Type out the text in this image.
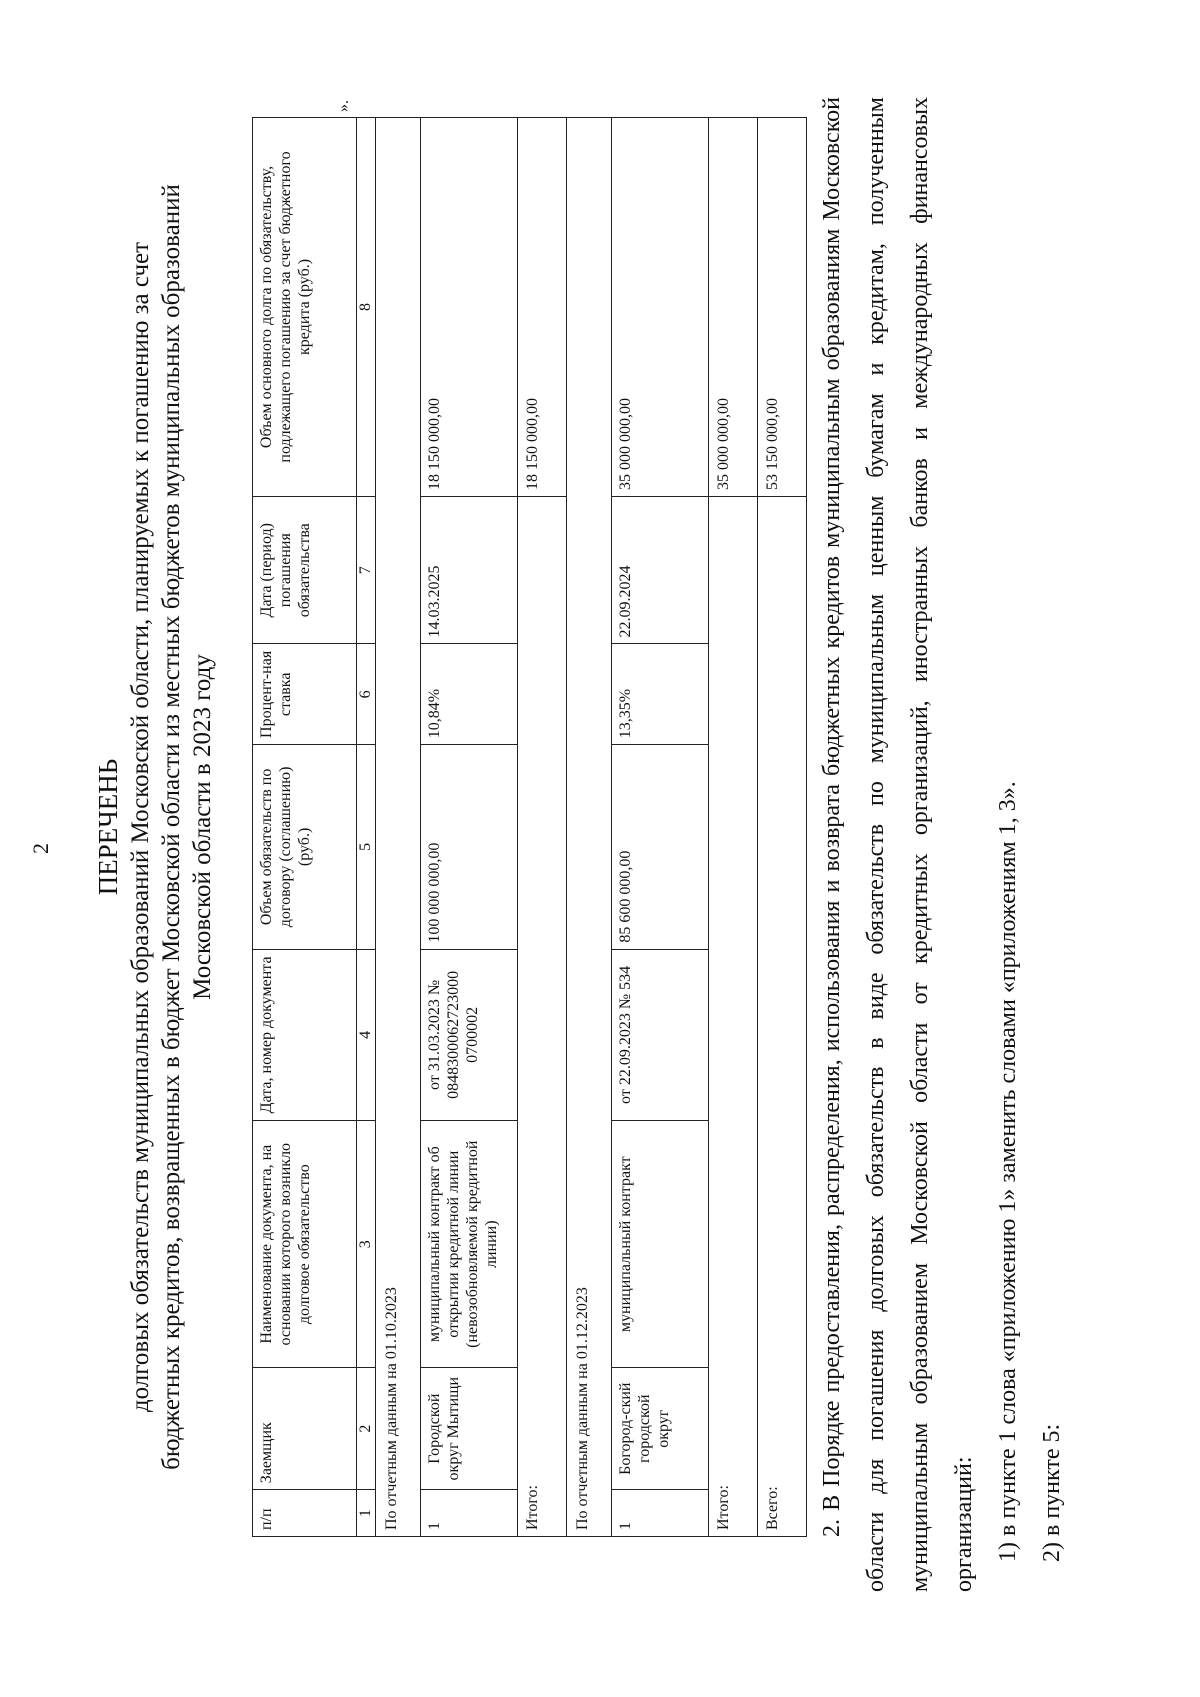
2 ПЕРЕЧЕНЬ долговых обязательств муниципальных образований Московской области, планируемых к погашению за счет бюджетных кредитов, возвращенных в бюджет Московской области из местных бюджетов муниципальных образований Московской области в 2023 году
п/п	Заемщик	Наименование документа, на основании которого возникло долговое обязательство	Дата, номер документа	Объем обязательств по договору (соглашению) (руб.)	Процент-ная ставка	Дата (период) погашения обязательства	Объем основного долга по обязательству, подлежащего погашению за счет бюджетного кредита (руб.)
1	2	3	4	5	6	7	8
По отчетным данным на 01.10.2023							
1	Городской округ Мытищи	муниципальный контракт об открытии кредитной линии (невозобновляемой кредитной линии)	от 31.03.2023 № 0848300062723000 0700002	100 000 000,00	10,84%	14.03.2025	18 150 000,00
Итого:							18 150 000,00
По отчетным данным на 01.12.2023							
1	Богород-ский городской округ	муниципальный контракт	от 22.09.2023 № 534	85 600 000,00	13,35%	22.09.2024	35 000 000,00
Итого:							35 000 000,00
Всего:							53 150 000,00
».	2. В Порядке предоставления, распределения, использования и возврата бюджетных кредитов муниципальным образованиям Московской области для погашения долговых обязательств в виде обязательств по муниципальным ценным бумагам и кредитам, полученным муниципальным образованием Московской области от кредитных организаций, иностранных банков и международных финансовых организаций: 1) в пункте 1 слова «приложению 1» заменить словами «приложениям 1, 3». 2) в пункте 5:
